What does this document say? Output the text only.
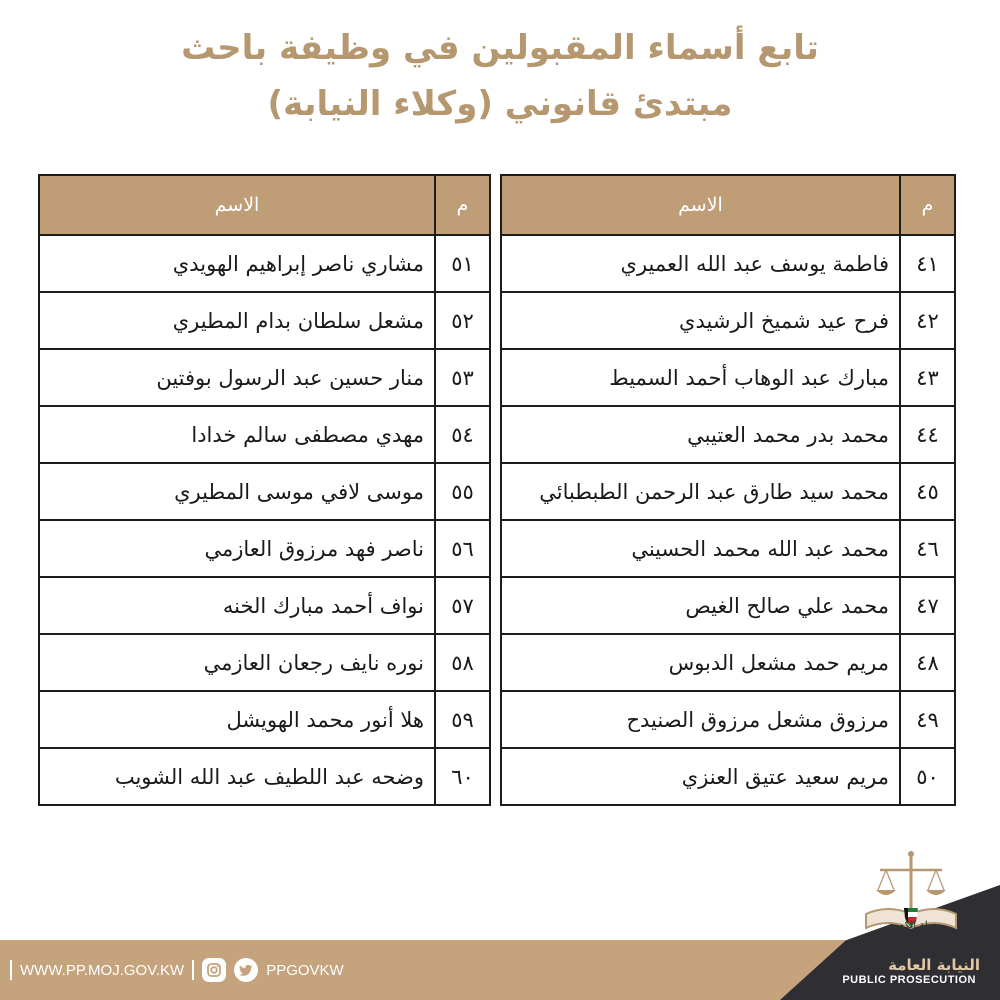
تابع أسماء المقبولين في وظيفة باحث
مبتدئ قانوني (وكلاء النيابة)
م	الاسم
٤١	فاطمة يوسف عبد الله العميري
٤٢	فرح عيد شميخ الرشيدي
٤٣	مبارك عبد الوهاب أحمد السميط
٤٤	محمد بدر محمد العتيبي
٤٥	محمد سيد طارق عبد الرحمن الطبطبائي
٤٦	محمد عبد الله محمد الحسيني
٤٧	محمد علي صالح الغيص
٤٨	مريم حمد مشعل الدبوس
٤٩	مرزوق مشعل مرزوق الصنيدح
٥٠	مريم سعيد عتيق العنزي
م	الاسم
٥١	مشاري ناصر إبراهيم الهويدي
٥٢	مشعل سلطان بدام المطيري
٥٣	منار حسين عبد الرسول بوفتين
٥٤	مهدي مصطفى سالم خدادا
٥٥	موسى لافي موسى المطيري
٥٦	ناصر فهد مرزوق العازمي
٥٧	نواف أحمد مبارك الخنه
٥٨	نوره نايف رجعان العازمي
٥٩	هلا أنور محمد الهويشل
٦٠	وضحه عبد اللطيف عبد الله الشويب
WWW.PP.MOJ.GOV.KW	PPGOVKW	النيابة العامة
PUBLIC PROSECUTION
دولة الكويت
